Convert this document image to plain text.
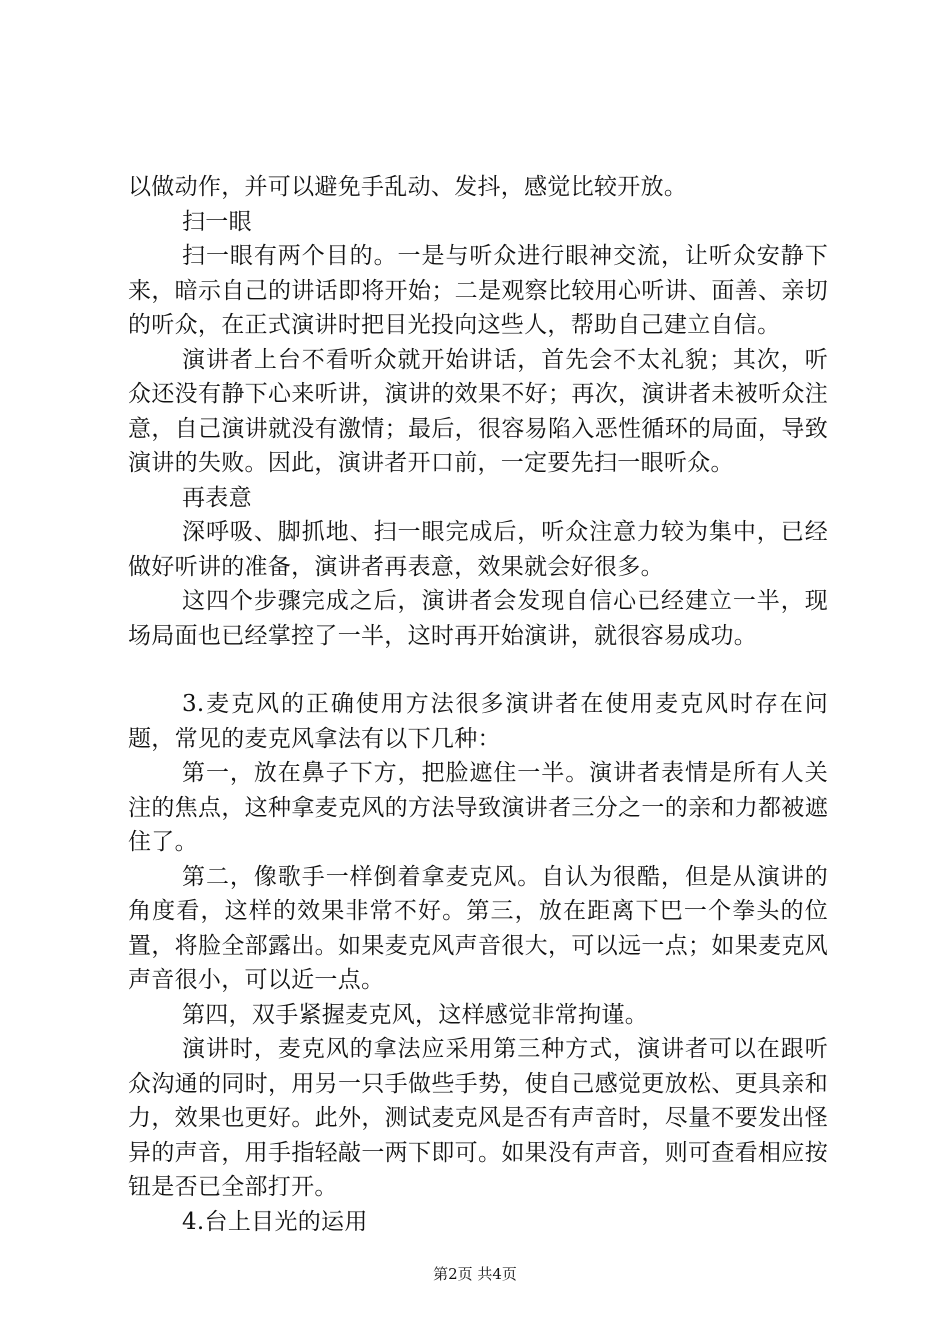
以做动作，并可以避免手乱动、发抖，感觉比较开放。

扫一眼

扫一眼有两个目的。一是与听众进行眼神交流，让听众安静下来，暗示自己的讲话即将开始；二是观察比较用心听讲、面善、亲切的听众，在正式演讲时把目光投向这些人，帮助自己建立自信。

演讲者上台不看听众就开始讲话，首先会不太礼貌；其次，听众还没有静下心来听讲，演讲的效果不好；再次，演讲者未被听众注意，自己演讲就没有激情；最后，很容易陷入恶性循环的局面，导致演讲的失败。因此，演讲者开口前，一定要先扫一眼听众。

再表意

深呼吸、脚抓地、扫一眼完成后，听众注意力较为集中，已经做好听讲的准备，演讲者再表意，效果就会好很多。

这四个步骤完成之后，演讲者会发现自信心已经建立一半，现场局面也已经掌控了一半，这时再开始演讲，就很容易成功。

3.麦克风的正确使用方法很多演讲者在使用麦克风时存在问题，常见的麦克风拿法有以下几种：

第一，放在鼻子下方，把脸遮住一半。演讲者表情是所有人关注的焦点，这种拿麦克风的方法导致演讲者三分之一的亲和力都被遮住了。

第二，像歌手一样倒着拿麦克风。自认为很酷，但是从演讲的角度看，这样的效果非常不好。第三，放在距离下巴一个拳头的位置，将脸全部露出。如果麦克风声音很大，可以远一点；如果麦克风声音很小，可以近一点。

第四，双手紧握麦克风，这样感觉非常拘谨。

演讲时，麦克风的拿法应采用第三种方式，演讲者可以在跟听众沟通的同时，用另一只手做些手势，使自己感觉更放松、更具亲和力，效果也更好。此外，测试麦克风是否有声音时，尽量不要发出怪异的声音，用手指轻敲一两下即可。如果没有声音，则可查看相应按钮是否已全部打开。

4.台上目光的运用

第2页 共4页
